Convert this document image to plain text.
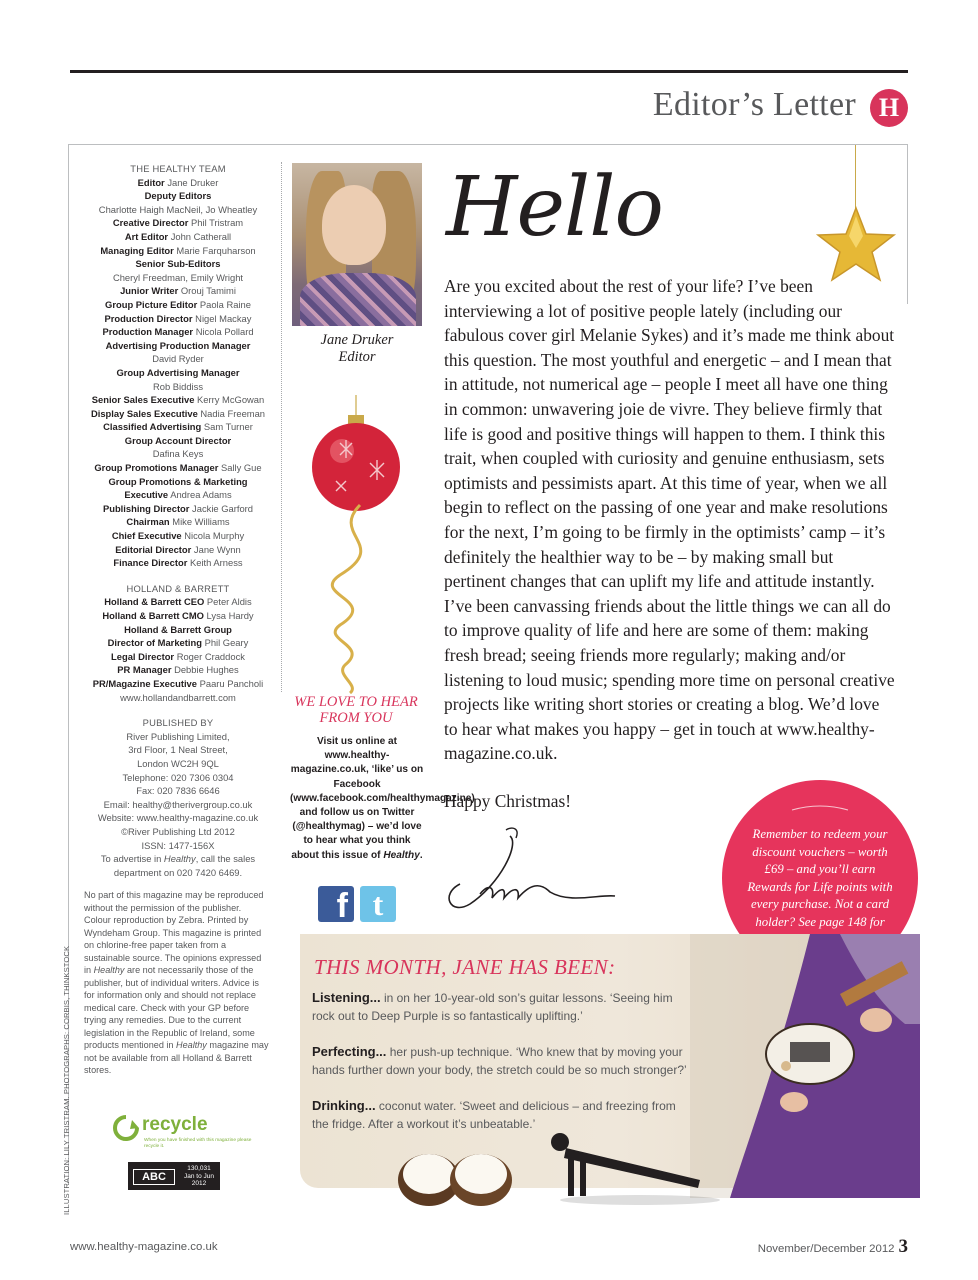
Editor’s Letter H
THE HEALTHY TEAM
Editor Jane Druker
Deputy Editors
Charlotte Haigh MacNeil, Jo Wheatley
Creative Director Phil Tristram
Art Editor John Catherall
Managing Editor Marie Farquharson
Senior Sub-Editors
Cheryl Freedman, Emily Wright
Junior Writer Orouj Tamimi
Group Picture Editor Paola Raine
Production Director Nigel Mackay
Production Manager Nicola Pollard
Advertising Production Manager
David Ryder
Group Advertising Manager
Rob Biddiss
Senior Sales Executive Kerry McGowan
Display Sales Executive Nadia Freeman
Classified Advertising Sam Turner
Group Account Director
Dafina Keys
Group Promotions Manager Sally Gue
Group Promotions & Marketing
Executive Andrea Adams
Publishing Director Jackie Garford
Chairman Mike Williams
Chief Executive Nicola Murphy
Editorial Director Jane Wynn
Finance Director Keith Arness
HOLLAND & BARRETT
Holland & Barrett CEO Peter Aldis
Holland & Barrett CMO Lysa Hardy
Holland & Barrett Group
Director of Marketing Phil Geary
Legal Director Roger Craddock
PR Manager Debbie Hughes
PR/Magazine Executive Paaru Pancholi
www.hollandandbarrett.com
PUBLISHED BY
River Publishing Limited,
3rd Floor, 1 Neal Street,
London WC2H 9QL
Telephone: 020 7306 0304
Fax: 020 7836 6646
Email: healthy@therivergroup.co.uk
Website: www.healthy-magazine.co.uk
©River Publishing Ltd 2012
ISSN: 1477-156X
To advertise in Healthy, call the sales department on 020 7420 6469.
No part of this magazine may be reproduced without the permission of the publisher. Colour reproduction by Zebra. Printed by Wyndeham Group. This magazine is printed on chlorine-free paper taken from a sustainable source. The opinions expressed in Healthy are not necessarily those of the publisher, but of individual writers. Advice is for information only and should not replace medical care. Check with your GP before trying any remedies. Due to the current legislation in the Republic of Ireland, some products mentioned in Healthy magazine may not be available from all Holland & Barrett stores.
ILLUSTRATION: LILY TRISTRAM. PHOTOGRAPHS: CORBIS, THINKSTOCK	recycle
When you have finished with this magazine please recycle it.
ABC
130,031
Jan to Jun
2012
Jane Druker
Editor
WE LOVE TO HEAR FROM YOU
Visit us online at www.healthy-magazine.co.uk, ‘like’ us on Facebook (www.facebook.com/healthymagazine) and follow us on Twitter (@healthymag) – we’d love to hear what you think about this issue of Healthy.
f t
Hello
Are you excited about the rest of your life? I’ve been interviewing a lot of positive people lately (including our fabulous cover girl Melanie Sykes) and it’s made me think about this question. The most youthful and energetic – and I mean that in attitude, not numerical age – people I meet all have one thing in common: unwavering joie de vivre. They believe firmly that life is good and positive things will happen to them. I think this trait, when coupled with curiosity and genuine enthusiasm, sets optimists and pessimists apart. At this time of year, when we all begin to reflect on the passing of one year and make resolutions for the next, I’m going to be firmly in the optimists’ camp – it’s definitely the healthier way to be – by making small but pertinent changes that can uplift my life and attitude instantly. I’ve been canvassing friends about the little things we can all do to improve quality of life and here are some of them: making fresh bread; seeing friends more regularly; making and/or listening to loud music; spending more time on personal creative projects like writing short stories or creating a blog. We’d love to hear what makes you happy – get in touch at www.healthy-magazine.co.uk.
Happy Christmas!
Remember to redeem your discount vouchers – worth £69 – and you’ll earn Rewards for Life points with every purchase. Not a card holder? See page 148 for
THIS MONTH, JANE HAS BEEN:
Listening... in on her 10-year-old son’s guitar lessons. ‘Seeing him rock out to Deep Purple is so fantastically uplifting.’
Perfecting... her push-up technique. ‘Who knew that by moving your hands further down your body, the stretch could be so much stronger?’
Drinking... coconut water. ‘Sweet and delicious – and freezing from the fridge. After a workout it’s unbeatable.’
www.healthy-magazine.co.uk	November/December 2012 3
